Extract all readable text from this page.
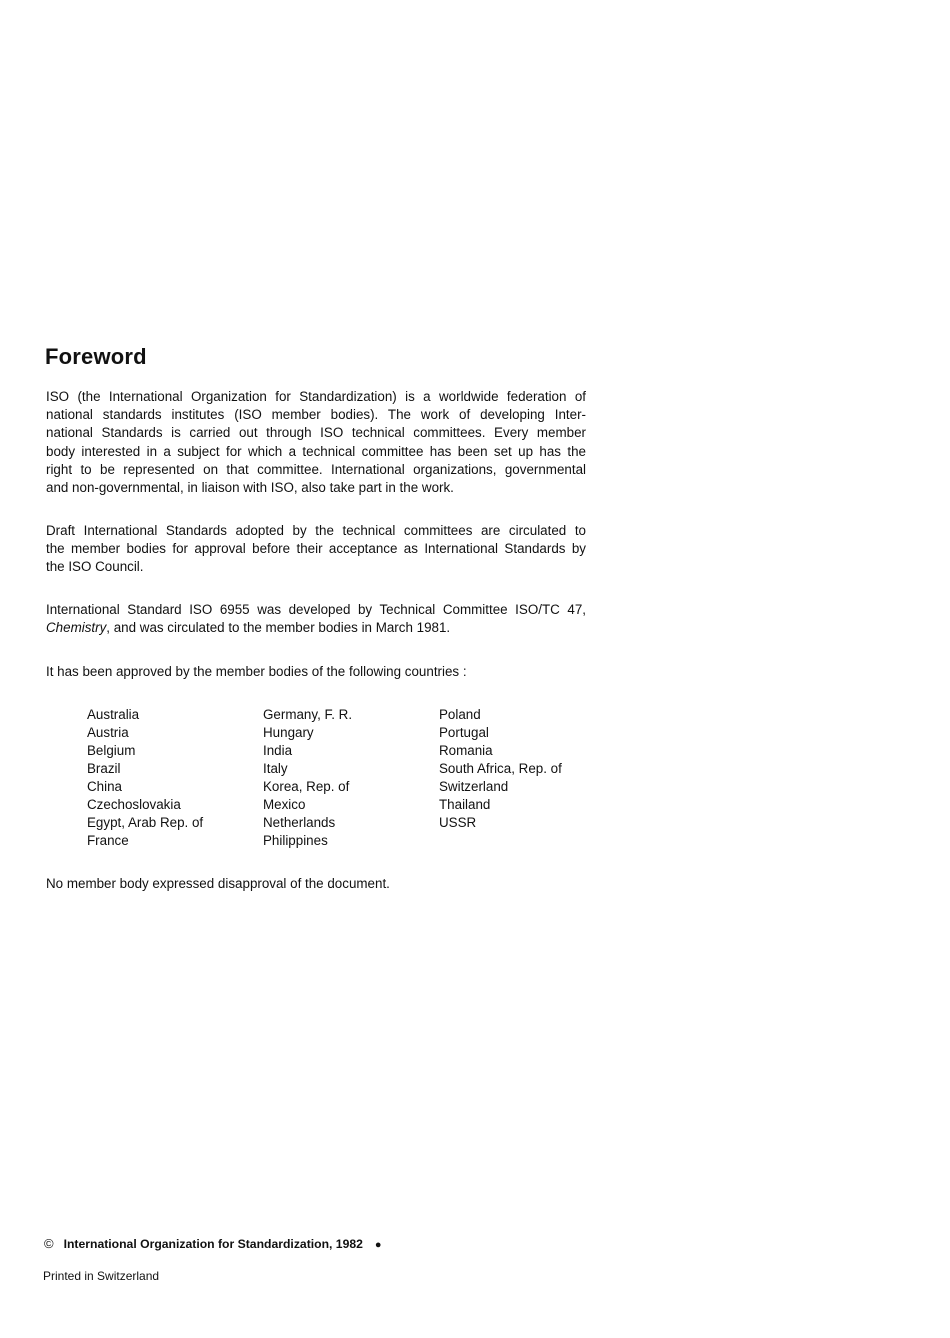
Foreword
ISO (the International Organization for Standardization) is a worldwide federation of
national standards institutes (ISO member bodies). The work of developing Inter-
national Standards is carried out through ISO technical committees. Every member
body interested in a subject for which a technical committee has been set up has the
right to be represented on that committee. International organizations, governmental
and non-governmental, in liaison with ISO, also take part in the work.
Draft International Standards adopted by the technical committees are circulated to
the member bodies for approval before their acceptance as International Standards by
the ISO Council.
International Standard ISO 6955 was developed by Technical Committee ISO/TC 47,
Chemistry, and was circulated to the member bodies in March 1981.
It has been approved by the member bodies of the following countries :
Australia
Austria
Belgium
Brazil
China
Czechoslovakia
Egypt, Arab Rep. of
France
Germany, F. R.
Hungary
India
Italy
Korea, Rep. of
Mexico
Netherlands
Philippines
Poland
Portugal
Romania
South Africa, Rep. of
Switzerland
Thailand
USSR
No member body expressed disapproval of the document.
© International Organization for Standardization, 1982 ●
Printed in Switzerland
